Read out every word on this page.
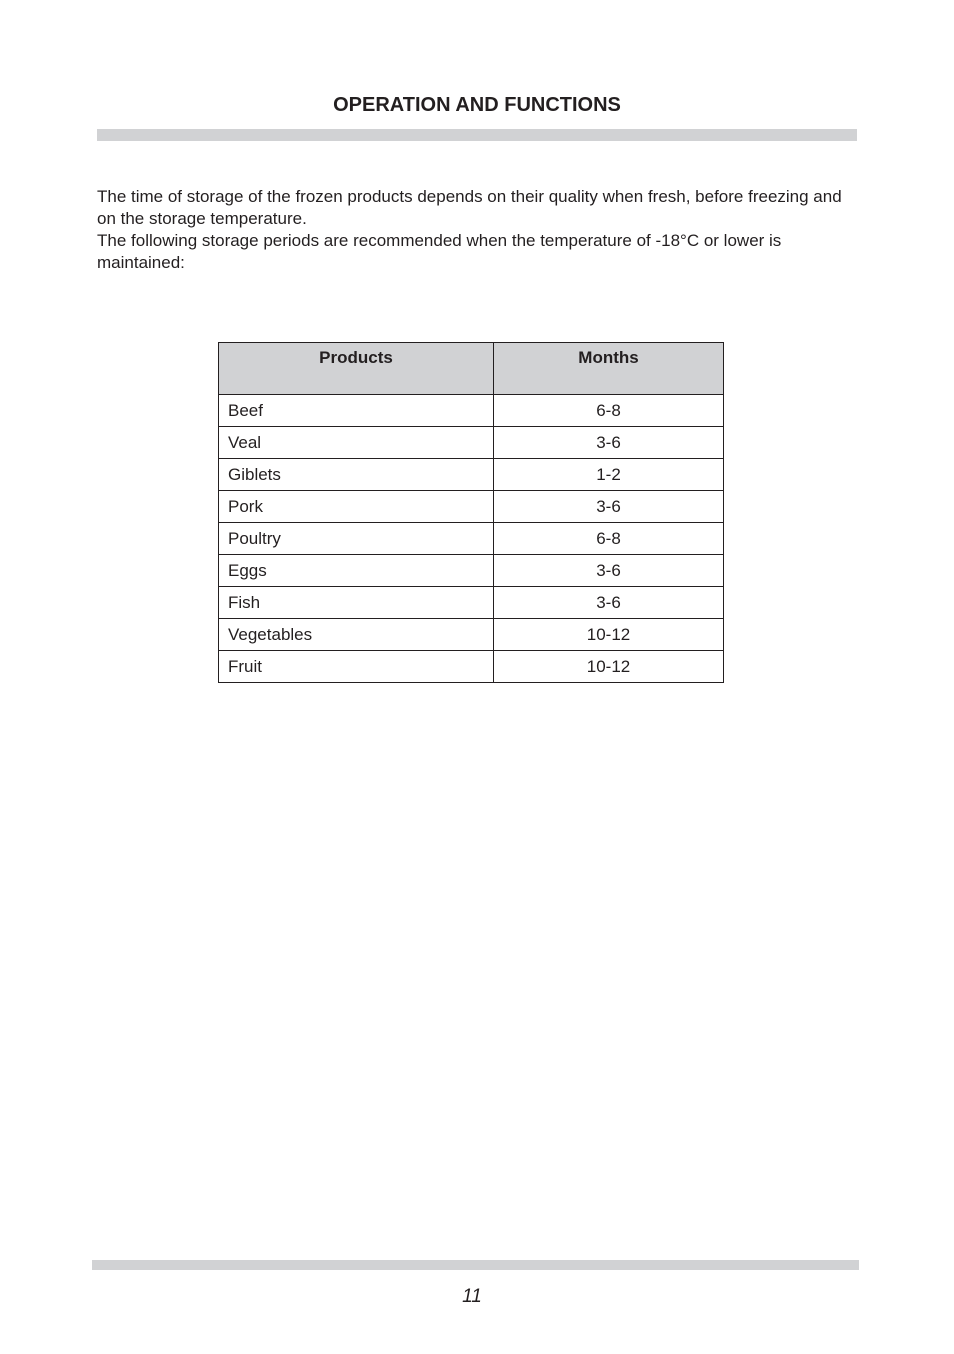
OPERATION AND FUNCTIONS

The time of storage of the frozen products depends on their quality when fresh, before freezing and on the storage temperature.

The following storage periods are recommended when the temperature of -18°C or lower is maintained:

Products	Months
Beef	6-8
Veal	3-6
Giblets	1-2
Pork	3-6
Poultry	6-8
Eggs	3-6
Fish	3-6
Vegetables	10-12
Fruit	10-12
11
